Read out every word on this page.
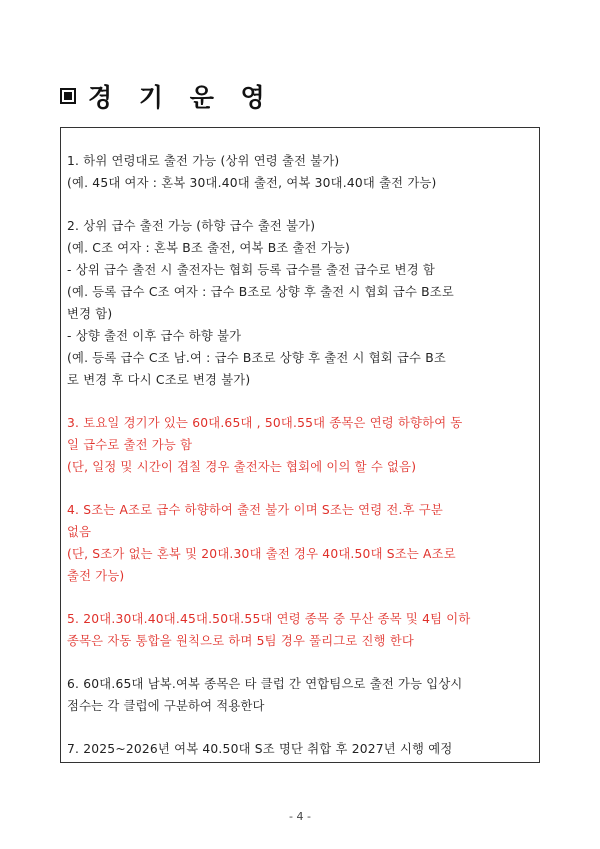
경 기 운 영
1. 하위 연령대로 출전 가능 (상위 연령 출전 불가)
(예. 45대 여자 : 혼복 30대.40대 출전, 여복 30대.40대 출전 가능)
2. 상위 급수 출전 가능 (하향 급수 출전 불가)
(예. C조 여자 : 혼복 B조 출전, 여복 B조 출전 가능)
- 상위 급수 출전 시 출전자는 협회 등록 급수를 출전 급수로 변경 함
(예. 등록 급수 C조 여자 : 급수 B조로 상향 후 출전 시 협회 급수 B조로
변경 함)
- 상향 출전 이후 급수 하향 불가
(예. 등록 급수 C조 남.여 : 급수 B조로 상향 후 출전 시 협회 급수 B조
로 변경 후 다시 C조로 변경 불가)
3. 토요일 경기가 있는 60대.65대 , 50대.55대 종목은 연령 하향하여 동
일 급수로 출전 가능 함
(단, 일정 및 시간이 겹칠 경우 출전자는 협회에 이의 할 수 없음)
4. S조는 A조로 급수 하향하여 출전 불가 이며 S조는 연령 전.후 구분
없음
(단, S조가 없는 혼복 및 20대.30대 출전 경우 40대.50대 S조는 A조로
출전 가능)
5. 20대.30대.40대.45대.50대.55대 연령 종목 중 무산 종목 및 4팀 이하
종목은 자동 통합을 원칙으로 하며 5팀 경우 풀리그로 진행 한다
6. 60대.65대 남복.여복 종목은 타 클럽 간 연합팀으로 출전 가능 입상시
점수는 각 클럽에 구분하여 적용한다
7. 2025~2026년 여복 40.50대 S조 명단 취합 후 2027년 시행 예정
- 4 -
